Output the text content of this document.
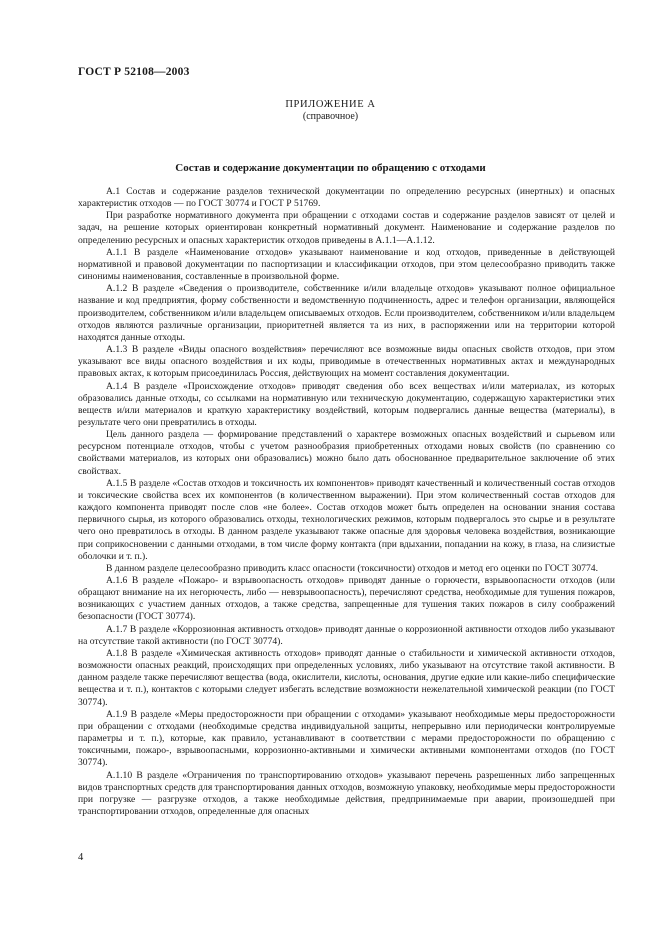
ГОСТ Р 52108—2003
ПРИЛОЖЕНИЕ А
(справочное)
Состав и содержание документации по обращению с отходами

А.1 Состав и содержание разделов технической документации по определению ресурсных (инертных) и опасных характеристик отходов — по ГОСТ 30774 и ГОСТ Р 51769.

При разработке нормативного документа при обращении с отходами состав и содержание разделов зависят от целей и задач, на решение которых ориентирован конкретный нормативный документ. Наименование и содержание разделов по определению ресурсных и опасных характеристик отходов приведены в А.1.1—А.1.12.

А.1.1 В разделе «Наименование отходов» указывают наименование и код отходов, приведенные в действующей нормативной и правовой документации по паспортизации и классификации отходов, при этом целесообразно приводить также синонимы наименования, составленные в произвольной форме.

А.1.2 В разделе «Сведения о производителе, собственнике и/или владельце отходов» указывают полное официальное название и код предприятия, форму собственности и ведомственную подчиненность, адрес и телефон организации, являющейся производителем, собственником и/или владельцем описываемых отходов. Если производителем, собственником и/или владельцем отходов являются различные организации, приоритетней является та из них, в распоряжении или на территории которой находятся данные отходы.

А.1.3 В разделе «Виды опасного воздействия» перечисляют все возможные виды опасных свойств отходов, при этом указывают все виды опасного воздействия и их коды, приводимые в отечественных нормативных актах и международных правовых актах, к которым присоединилась Россия, действующих на момент составления документации.

А.1.4 В разделе «Происхождение отходов» приводят сведения обо всех веществах и/или материалах, из которых образовались данные отходы, со ссылками на нормативную или техническую документацию, содержащую характеристики этих веществ и/или материалов и краткую характеристику воздействий, которым подвергались данные вещества (материалы), в результате чего они превратились в отходы.

Цель данного раздела — формирование представлений о характере возможных опасных воздействий и сырьевом или ресурсном потенциале отходов, чтобы с учетом разнообразия приобретенных отходами новых свойств (по сравнению со свойствами материалов, из которых они образовались) можно было дать обоснованное предварительное заключение об этих свойствах.

А.1.5 В разделе «Состав отходов и токсичность их компонентов» приводят качественный и количественный состав отходов и токсические свойства всех их компонентов (в количественном выражении). При этом количественный состав отходов для каждого компонента приводят после слов «не более». Состав отходов может быть определен на основании знания состава первичного сырья, из которого образовались отходы, технологических режимов, которым подвергалось это сырье и в результате чего оно превратилось в отходы. В данном разделе указывают также опасные для здоровья человека воздействия, возникающие при соприкосновении с данными отходами, в том числе форму контакта (при вдыхании, попадании на кожу, в глаза, на слизистые оболочки и т. п.).

В данном разделе целесообразно приводить класс опасности (токсичности) отходов и метод его оценки по ГОСТ 30774.

А.1.6 В разделе «Пожаро- и взрывоопасность отходов» приводят данные о горючести, взрывоопасности отходов (или обращают внимание на их негорючесть, либо — невзрывоопасность), перечисляют средства, необходимые для тушения пожаров, возникающих с участием данных отходов, а также средства, запрещенные для тушения таких пожаров в силу соображений безопасности (ГОСТ 30774).

А.1.7 В разделе «Коррозионная активность отходов» приводят данные о коррозионной активности отходов либо указывают на отсутствие такой активности (по ГОСТ 30774).

А.1.8 В разделе «Химическая активность отходов» приводят данные о стабильности и химической активности отходов, возможности опасных реакций, происходящих при определенных условиях, либо указывают на отсутствие такой активности. В данном разделе также перечисляют вещества (вода, окислители, кислоты, основания, другие едкие или какие-либо специфические вещества и т. п.), контактов с которыми следует избегать вследствие возможности нежелательной химической реакции (по ГОСТ 30774).

А.1.9 В разделе «Меры предосторожности при обращении с отходами» указывают необходимые меры предосторожности при обращении с отходами (необходимые средства индивидуальной защиты, непрерывно или периодически контролируемые параметры и т. п.), которые, как правило, устанавливают в соответствии с мерами предосторожности по обращению с токсичными, пожаро-, взрывоопасными, коррозионно-активными и химически активными компонентами отходов (по ГОСТ 30774).

А.1.10 В разделе «Ограничения по транспортированию отходов» указывают перечень разрешенных либо запрещенных видов транспортных средств для транспортирования данных отходов, возможную упаковку, необходимые меры предосторожности при погрузке — разгрузке отходов, а также необходимые действия, предпринимаемые при аварии, произошедшей при транспортировании отходов, определенные для опасных

4
